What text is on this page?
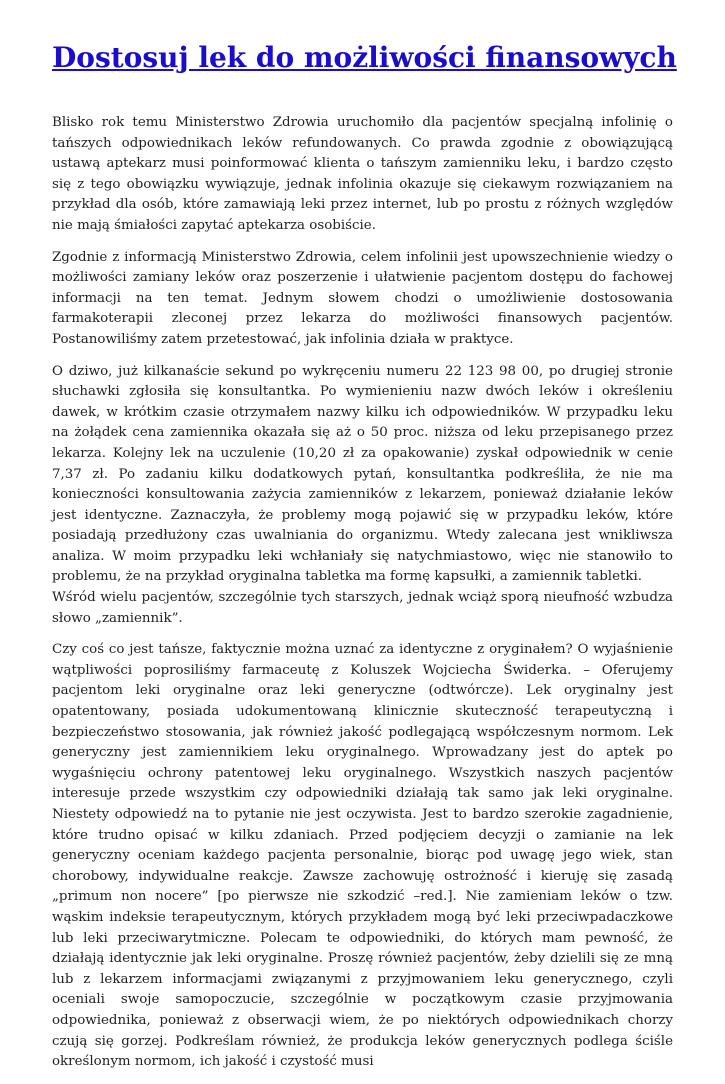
Dostosuj lek do możliwości finansowych

Blisko rok temu Ministerstwo Zdrowia uruchomiło dla pacjentów specjalną infolinię o tańszych odpowiednikach leków refundowanych. Co prawda zgodnie z obowiązującą ustawą aptekarz musi poinformować klienta o tańszym zamienniku leku, i bardzo często się z tego obowiązku wywiązuje, jednak infolinia okazuje się ciekawym rozwiązaniem na przykład dla osób, które zamawiają leki przez internet, lub po prostu z różnych względów nie mają śmiałości zapytać aptekarza osobiście.

Zgodnie z informacją Ministerstwo Zdrowia, celem infolinii jest upowszechnienie wiedzy o możliwości zamiany leków oraz poszerzenie i ułatwienie pacjentom dostępu do fachowej informacji na ten temat. Jednym słowem chodzi o umożliwienie dostosowania farmakoterapii zleconej przez lekarza do możliwości finansowych pacjentów. Postanowiliśmy zatem przetestować, jak infolinia działa w praktyce.

O dziwo, już kilkanaście sekund po wykręceniu numeru 22 123 98 00, po drugiej stronie słuchawki zgłosiła się konsultantka. Po wymienieniu nazw dwóch leków i określeniu dawek, w krótkim czasie otrzymałem nazwy kilku ich odpowiedników. W przypadku leku na żołądek cena zamiennika okazała się aż o 50 proc. niższa od leku przepisanego przez lekarza. Kolejny lek na uczulenie (10,20 zł za opakowanie) zyskał odpowiednik w cenie 7,37 zł. Po zadaniu kilku dodatkowych pytań, konsultantka podkreśliła, że nie ma konieczności konsultowania zażycia zamienników z lekarzem, ponieważ działanie leków jest identyczne. Zaznaczyła, że problemy mogą pojawić się w przypadku leków, które posiadają przedłużony czas uwalniania do organizmu. Wtedy zalecana jest wnikliwsza analiza. W moim przypadku leki wchłaniały się natychmiastowo, więc nie stanowiło to problemu, że na przykład oryginalna tabletka ma formę kapsułki, a zamiennik tabletki.

Wśród wielu pacjentów, szczególnie tych starszych, jednak wciąż sporą nieufność wzbudza słowo „zamiennik”.

Czy coś co jest tańsze, faktycznie można uznać za identyczne z oryginałem? O wyjaśnienie wątpliwości poprosiliśmy farmaceutę z Koluszek Wojciecha Świderka. – Oferujemy pacjentom leki oryginalne oraz leki generyczne (odtwórcze). Lek oryginalny jest opatentowany, posiada udokumentowaną klinicznie skuteczność terapeutyczną i bezpieczeństwo stosowania, jak również jakość podlegającą współczesnym normom. Lek generyczny jest zamiennikiem leku oryginalnego. Wprowadzany jest do aptek po wygaśnięciu ochrony patentowej leku oryginalnego. Wszystkich naszych pacjentów interesuje przede wszystkim czy odpowiedniki działają tak samo jak leki oryginalne. Niestety odpowiedź na to pytanie nie jest oczywista. Jest to bardzo szerokie zagadnienie, które trudno opisać w kilku zdaniach. Przed podjęciem decyzji o zamianie na lek generyczny oceniam każdego pacjenta personalnie, biorąc pod uwagę jego wiek, stan chorobowy, indywidualne reakcje. Zawsze zachowuję ostrożność i kieruję się zasadą „primum non nocere” [po pierwsze nie szkodzić –red.]. Nie zamieniam leków o tzw. wąskim indeksie terapeutycznym, których przykładem mogą być leki przeciwpadaczkowe lub leki przeciwarytmiczne. Polecam te odpowiedniki, do których mam pewność, że działają identycznie jak leki oryginalne. Proszę również pacjentów, żeby dzielili się ze mną lub z lekarzem informacjami związanymi z przyjmowaniem leku generycznego, czyli oceniali swoje samopoczucie, szczególnie w początkowym czasie przyjmowania odpowiednika, ponieważ z obserwacji wiem, że po niektórych odpowiednikach chorzy czują się gorzej. Podkreślam również, że produkcja leków generycznych podlega ściśle określonym normom, ich jakość i czystość musi
